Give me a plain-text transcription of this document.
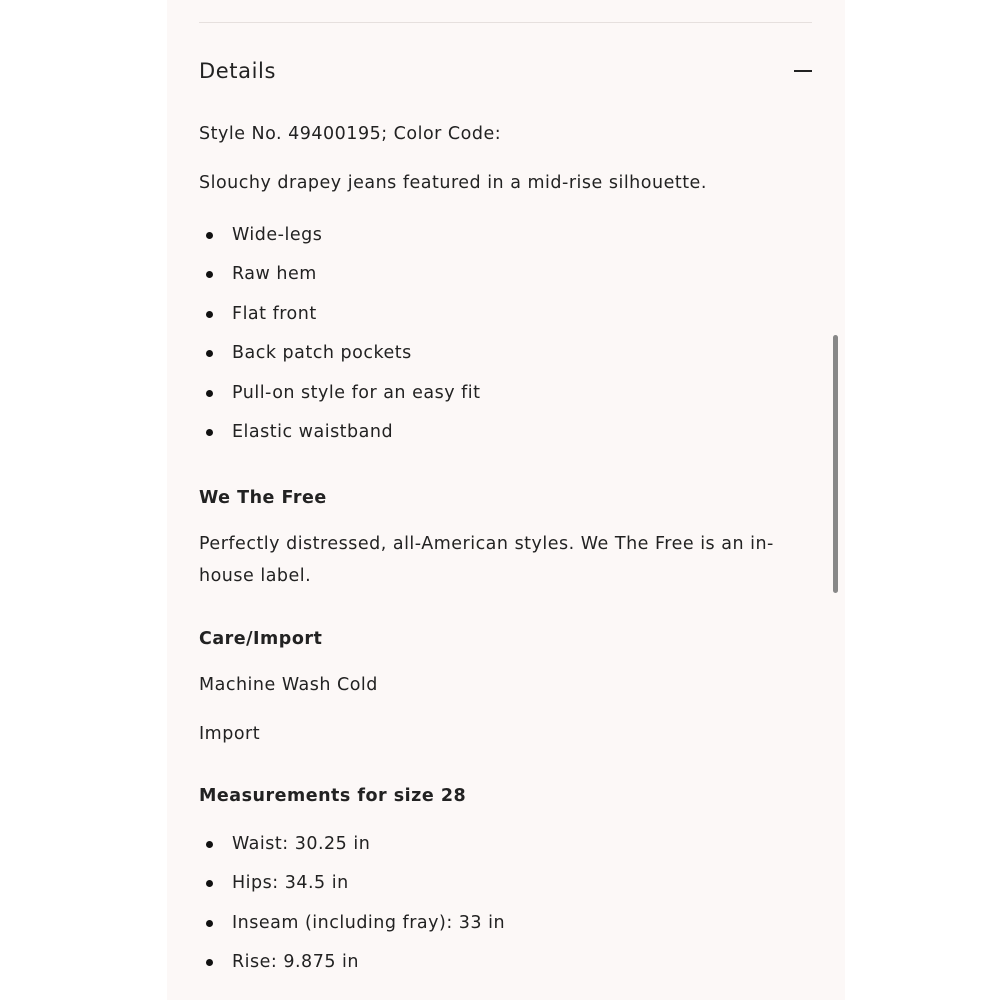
Details

Style No. 49400195; Color Code:

Slouchy drapey jeans featured in a mid-rise silhouette.

Wide-legs
Raw hem
Flat front
Back patch pockets
Pull-on style for an easy fit
Elastic waistband
We The Free

Perfectly distressed, all-American styles. We The Free is an in-house label.

Care/Import

Machine Wash Cold

Import

Measurements for size 28
Waist: 30.25 in
Hips: 34.5 in
Inseam (including fray): 33 in
Rise: 9.875 in
